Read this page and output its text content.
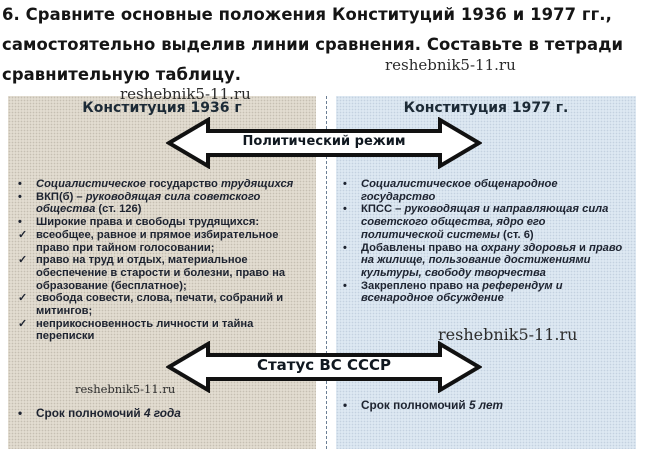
6. Сравните основные положения Конституций 1936 и 1977 гг.,
самостоятельно выделив линии сравнения. Составьте в тетради
сравнительную таблицу.
Конституция 1936 г	Конституция 1977 г.
reshebnik5-11.ru
reshebnik5-11.ru
Политический режим
• Социалистическое государство трудящихся
• ВКП(б) – руководящая сила советского общества (ст. 126)
• Широкие права и свободы трудящихся:
✓ всеобщее, равное и прямое избирательное право при тайном голосовании;
✓ право на труд и отдых, материальное обеспечение в старости и болезни, право на образование (бесплатное);
✓ свобода совести, слова, печати, собраний и митингов;
✓ неприкосновенность личности и тайна переписки
• Социалистическое общенародное государство
• КПСС – руководящая и направляющая сила советского общества, ядро его политической системы (ст. 6)
• Добавлены право на охрану здоровья и право на жилище, пользование достижениями культуры, свободу творчества
• Закреплено право на референдум и всенародное обсуждение
reshebnik5-11.ru
Статус ВС СССР
reshebnik5-11.ru
• Срок полномочий 4 года
• Срок полномочий 5 лет
